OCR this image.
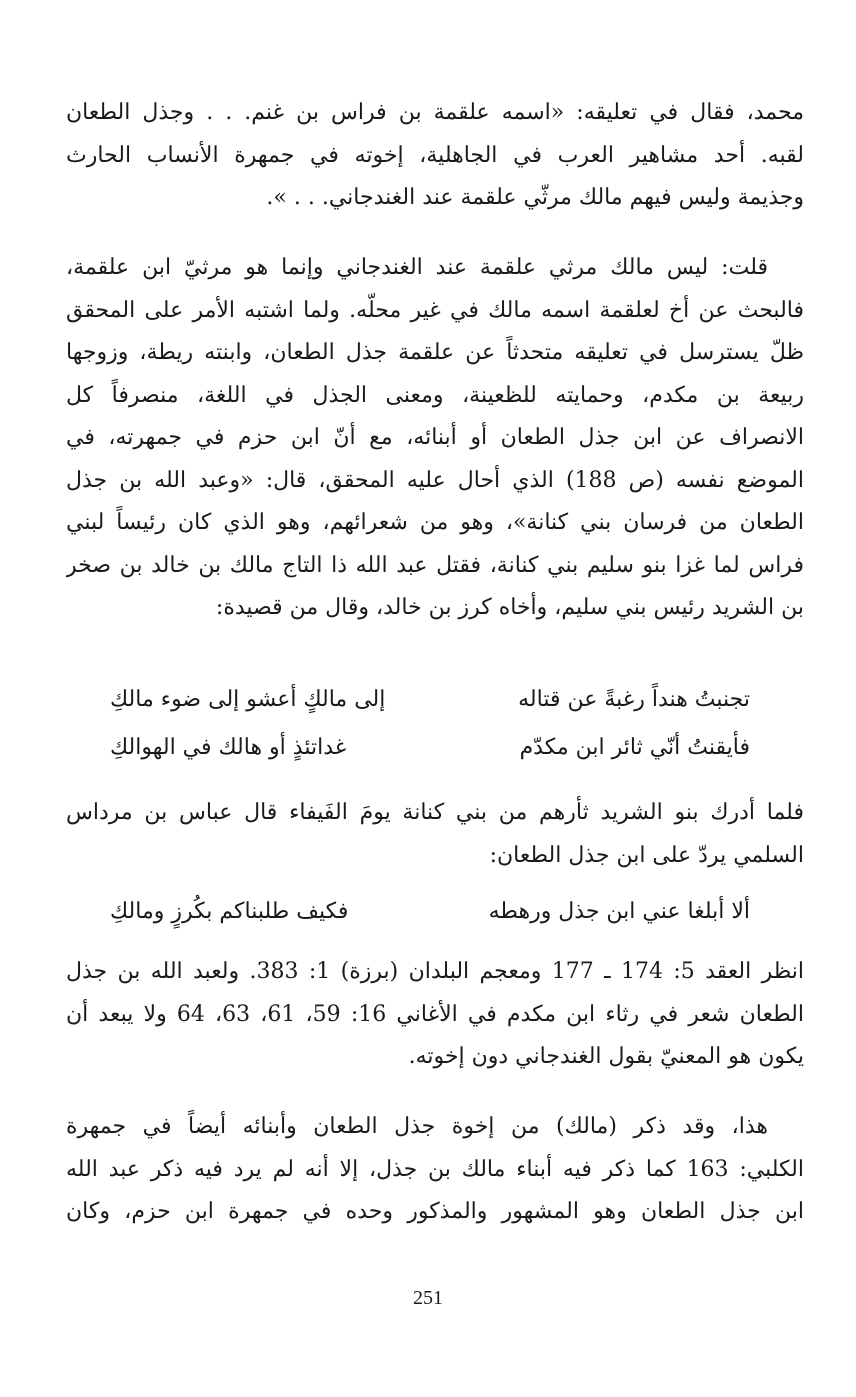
محمد، فقال في تعليقه: «اسمه علقمة بن فراس بن غنم. . . وجذل الطعان
لقبه. أحد مشاهير العرب في الجاهلية، إخوته في جمهرة الأنساب الحارث
وجذيمة وليس فيهم مالك مرثّي علقمة عند الغندجاني. . . ».
قلت: ليس مالك مرثي علقمة عند الغندجاني وإنما هو مرثيّ ابن علقمة،
فالبحث عن أخ لعلقمة اسمه مالك في غير محلّه. ولما اشتبه الأمر على المحقق
ظلّ يسترسل في تعليقه متحدثاً عن علقمة جذل الطعان، وابنته ريطة، وزوجها
ربيعة بن مكدم، وحمايته للظعينة، ومعنى الجذل في اللغة، منصرفاً كل
الانصراف عن ابن جذل الطعان أو أبنائه، مع أنّ ابن حزم في جمهرته، في
الموضع نفسه (ص 188) الذي أحال عليه المحقق، قال: «وعبد الله بن جذل
الطعان من فرسان بني كنانة»، وهو من شعرائهم، وهو الذي كان رئيساً لبني
فراس لما غزا بنو سليم بني كنانة، فقتل عبد الله ذا التاج مالك بن خالد بن صخر
بن الشريد رئيس بني سليم، وأخاه كرز بن خالد، وقال من قصيدة:
تجنبتُ هنداً رغبةً عن قتاله
إلى مالكٍ أعشو إلى ضوء مالكِ
فأيقنتُ أنّي ثائر ابن مكدّم
غداتئذٍ أو هالك في الهوالكِ
فلما أدرك بنو الشريد ثأرهم من بني كنانة يومَ الفَيفاء قال عباس بن مرداس
السلمي يردّ على ابن جذل الطعان:
ألا أبلغا عني ابن جذل ورهطه
فكيف طلبناكم بكُرزٍ ومالكِ
انظر العقد 5: 174 ـ 177 ومعجم البلدان (برزة) 1: 383. ولعبد الله بن جذل
الطعان شعر في رثاء ابن مكدم في الأغاني 16: 59، 61، 63، 64 ولا يبعد أن
يكون هو المعنيّ بقول الغندجاني دون إخوته.
هذا، وقد ذكر (مالك) من إخوة جذل الطعان وأبنائه أيضاً في جمهرة
الكلبي: 163 كما ذكر فيه أبناء مالك بن جذل، إلا أنه لم يرد فيه ذكر عبد الله
ابن جذل الطعان وهو المشهور والمذكور وحده في جمهرة ابن حزم، وكان
251
